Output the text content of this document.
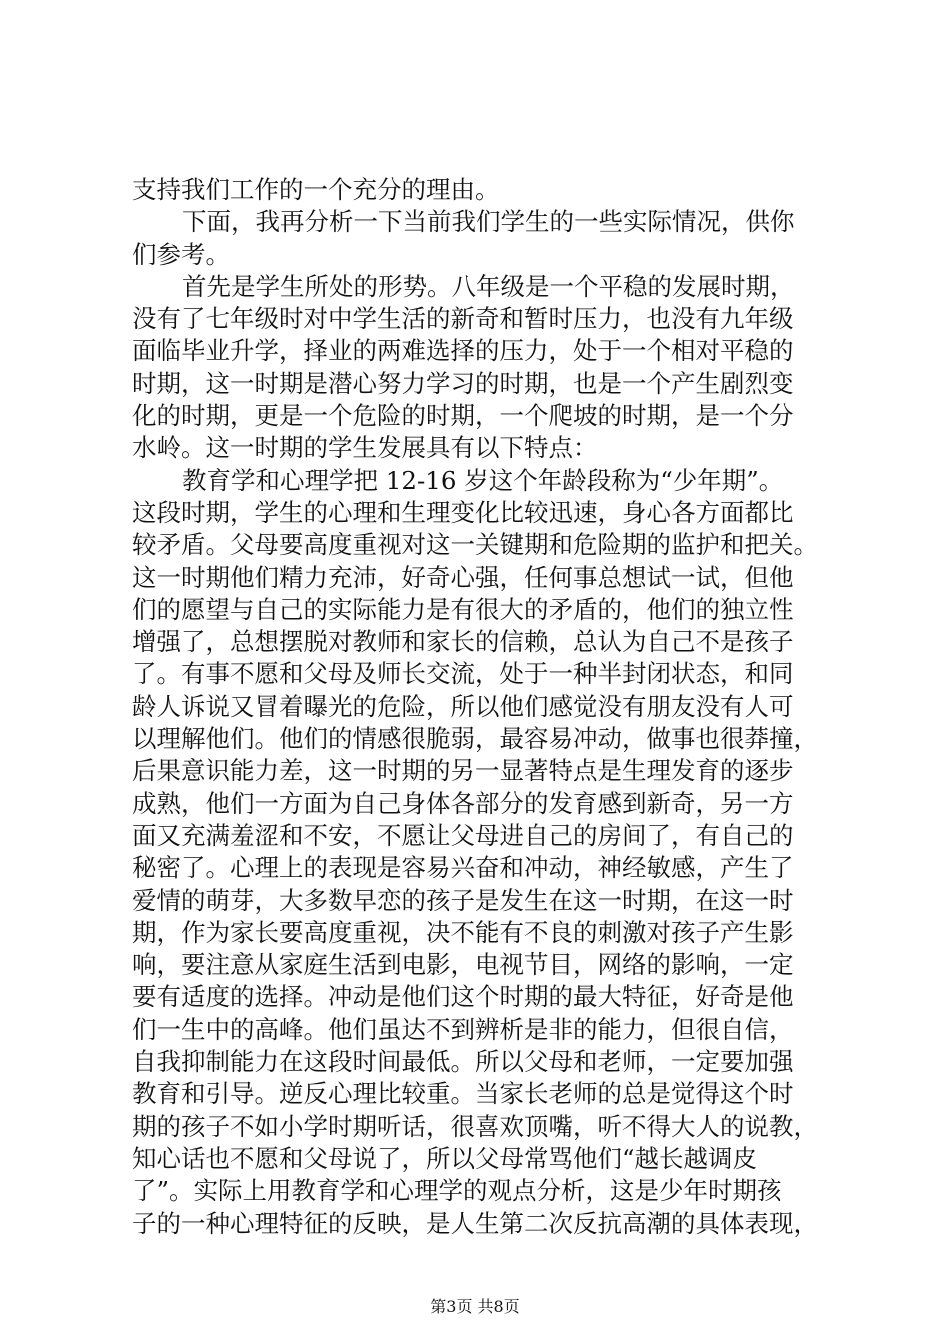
支持我们工作的一个充分的理由。
下面，我再分析一下当前我们学生的一些实际情况，供你
们参考。
首先是学生所处的形势。八年级是一个平稳的发展时期，
没有了七年级时对中学生活的新奇和暂时压力，也没有九年级
面临毕业升学，择业的两难选择的压力，处于一个相对平稳的
时期，这一时期是潜心努力学习的时期，也是一个产生剧烈变
化的时期，更是一个危险的时期，一个爬坡的时期，是一个分
水岭。这一时期的学生发展具有以下特点：
教育学和心理学把 12-16 岁这个年龄段称为“少年期”。
这段时期，学生的心理和生理变化比较迅速，身心各方面都比
较矛盾。父母要高度重视对这一关键期和危险期的监护和把关。
这一时期他们精力充沛，好奇心强，任何事总想试一试，但他
们的愿望与自己的实际能力是有很大的矛盾的，他们的独立性
增强了，总想摆脱对教师和家长的信赖，总认为自己不是孩子
了。有事不愿和父母及师长交流，处于一种半封闭状态，和同
龄人诉说又冒着曝光的危险，所以他们感觉没有朋友没有人可
以理解他们。他们的情感很脆弱，最容易冲动，做事也很莽撞，
后果意识能力差，这一时期的另一显著特点是生理发育的逐步
成熟，他们一方面为自己身体各部分的发育感到新奇，另一方
面又充满羞涩和不安，不愿让父母进自己的房间了，有自己的
秘密了。心理上的表现是容易兴奋和冲动，神经敏感，产生了
爱情的萌芽，大多数早恋的孩子是发生在这一时期，在这一时
期，作为家长要高度重视，决不能有不良的刺激对孩子产生影
响，要注意从家庭生活到电影，电视节目，网络的影响，一定
要有适度的选择。冲动是他们这个时期的最大特征，好奇是他
们一生中的高峰。他们虽达不到辨析是非的能力，但很自信，
自我抑制能力在这段时间最低。所以父母和老师，一定要加强
教育和引导。逆反心理比较重。当家长老师的总是觉得这个时
期的孩子不如小学时期听话，很喜欢顶嘴，听不得大人的说教，
知心话也不愿和父母说了，所以父母常骂他们“越长越调皮
了”。实际上用教育学和心理学的观点分析，这是少年时期孩
子的一种心理特征的反映，是人生第二次反抗高潮的具体表现，
第3页 共8页
